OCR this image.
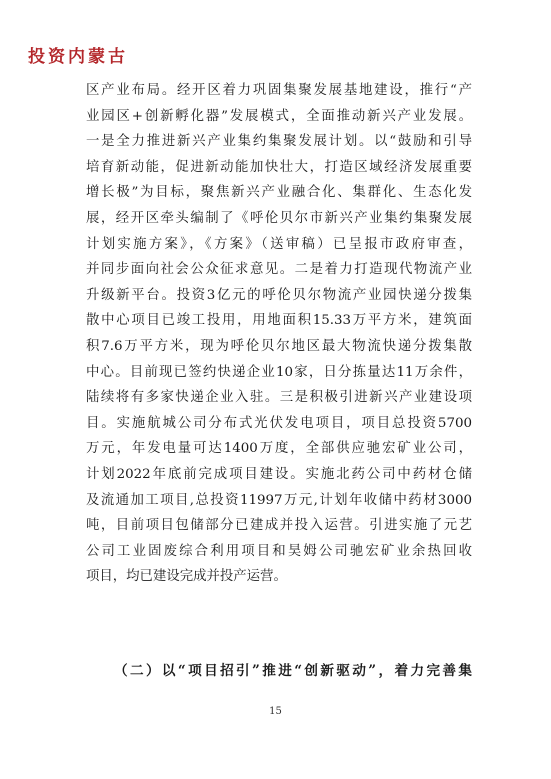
投资内蒙古
区产业布局。经开区着力巩固集聚发展基地建设，推行“产
业园区+创新孵化器”发展模式，全面推动新兴产业发展。
一是全力推进新兴产业集约集聚发展计划。以“鼓励和引导
培育新动能，促进新动能加快壮大，打造区域经济发展重要
增长极”为目标，聚焦新兴产业融合化、集群化、生态化发
展，经开区牵头编制了《呼伦贝尔市新兴产业集约集聚发展
计划实施方案》，《方案》（送审稿）已呈报市政府审查，
并同步面向社会公众征求意见。二是着力打造现代物流产业
升级新平台。投资3亿元的呼伦贝尔物流产业园快递分拨集
散中心项目已竣工投用，用地面积15.33万平方米，建筑面
积7.6万平方米，现为呼伦贝尔地区最大物流快递分拨集散
中心。目前现已签约快递企业10家，日分拣量达11万余件，
陆续将有多家快递企业入驻。三是积极引进新兴产业建设项
目。实施航城公司分布式光伏发电项目，项目总投资5700
万元，年发电量可达1400万度，全部供应驰宏矿业公司，
计划2022年底前完成项目建设。实施北药公司中药材仓储
及流通加工项目,总投资11997万元,计划年收储中药材3000
吨，目前项目包储部分已建成并投入运营。引进实施了元艺
公司工业固废综合利用项目和昊姆公司驰宏矿业余热回收
项目，均已建设完成并投产运营。
（二）以“项目招引”推进“创新驱动”，着力完善集
15
